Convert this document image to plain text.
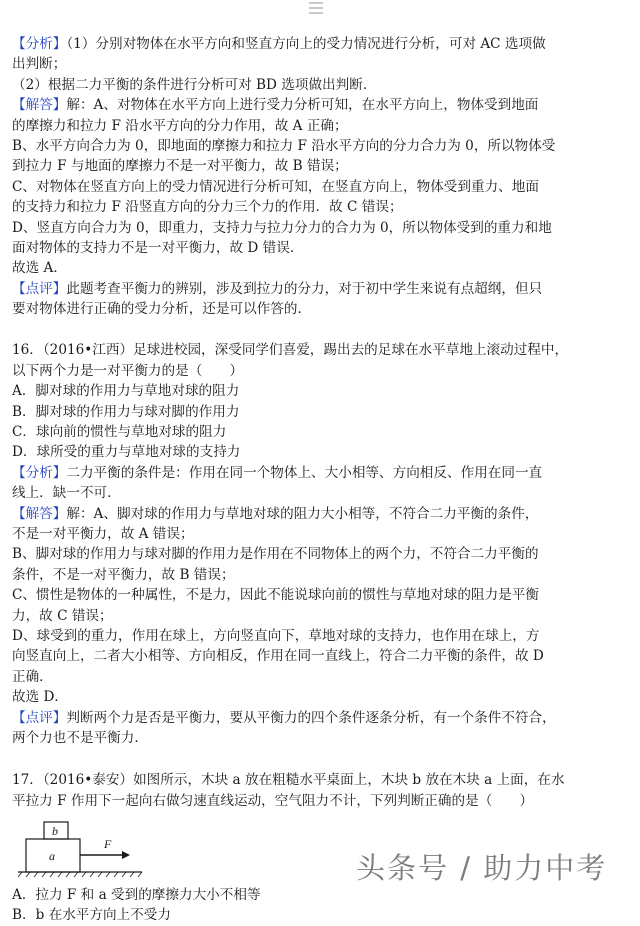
【分析】（1）分别对物体在水平方向和竖直方向上的受力情况进行分析，可对 AC 选项做
出判断；
（2）根据二力平衡的条件进行分析可对 BD 选项做出判断．
【解答】解：A、对物体在水平方向上进行受力分析可知，在水平方向上，物体受到地面
的摩擦力和拉力 F 沿水平方向的分力作用，故 A 正确；
B、水平方向合力为 0，即地面的摩擦力和拉力 F 沿水平方向的分力合力为 0，所以物体受
到拉力 F 与地面的摩擦力不是一对平衡力，故 B 错误；
C、对物体在竖直方向上的受力情况进行分析可知，在竖直方向上，物体受到重力、地面
的支持力和拉力 F 沿竖直方向的分力三个力的作用．故 C 错误；
D、竖直方向合力为 0，即重力，支持力与拉力分力的合力为 0，所以物体受到的重力和地
面对物体的支持力不是一对平衡力，故 D 错误．
故选 A．
【点评】此题考查平衡力的辨别，涉及到拉力的分力，对于初中学生来说有点超纲，但只
要对物体进行正确的受力分析，还是可以作答的．
16．（2016•江西）足球进校园，深受同学们喜爱，踢出去的足球在水平草地上滚动过程中，
以下两个力是一对平衡力的是（　　）
A．脚对球的作用力与草地对球的阻力
B．脚对球的作用力与球对脚的作用力
C．球向前的惯性与草地对球的阻力
D．球所受的重力与草地对球的支持力
【分析】二力平衡的条件是：作用在同一个物体上、大小相等、方向相反、作用在同一直
线上．缺一不可．
【解答】解：A、脚对球的作用力与草地对球的阻力大小相等，不符合二力平衡的条件，
不是一对平衡力，故 A 错误；
B、脚对球的作用力与球对脚的作用力是作用在不同物体上的两个力，不符合二力平衡的
条件，不是一对平衡力，故 B 错误；
C、惯性是物体的一种属性，不是力，因此不能说球向前的惯性与草地对球的阻力是平衡
力，故 C 错误；
D、球受到的重力，作用在球上，方向竖直向下，草地对球的支持力，也作用在球上，方
向竖直向上，二者大小相等、方向相反，作用在同一直线上，符合二力平衡的条件，故 D
正确．
故选 D．
【点评】判断两个力是否是平衡力，要从平衡力的四个条件逐条分析，有一个条件不符合，
两个力也不是平衡力．
17．（2016•泰安）如图所示，木块 a 放在粗糙水平桌面上，木块 b 放在木块 a 上面，在水
平拉力 F 作用下一起向右做匀速直线运动，空气阻力不计，下列判断正确的是（　　）
b
a
F
A．拉力 F 和 a 受到的摩擦力大小不相等
B．b 在水平方向上不受力
头条号 / 助力中考
